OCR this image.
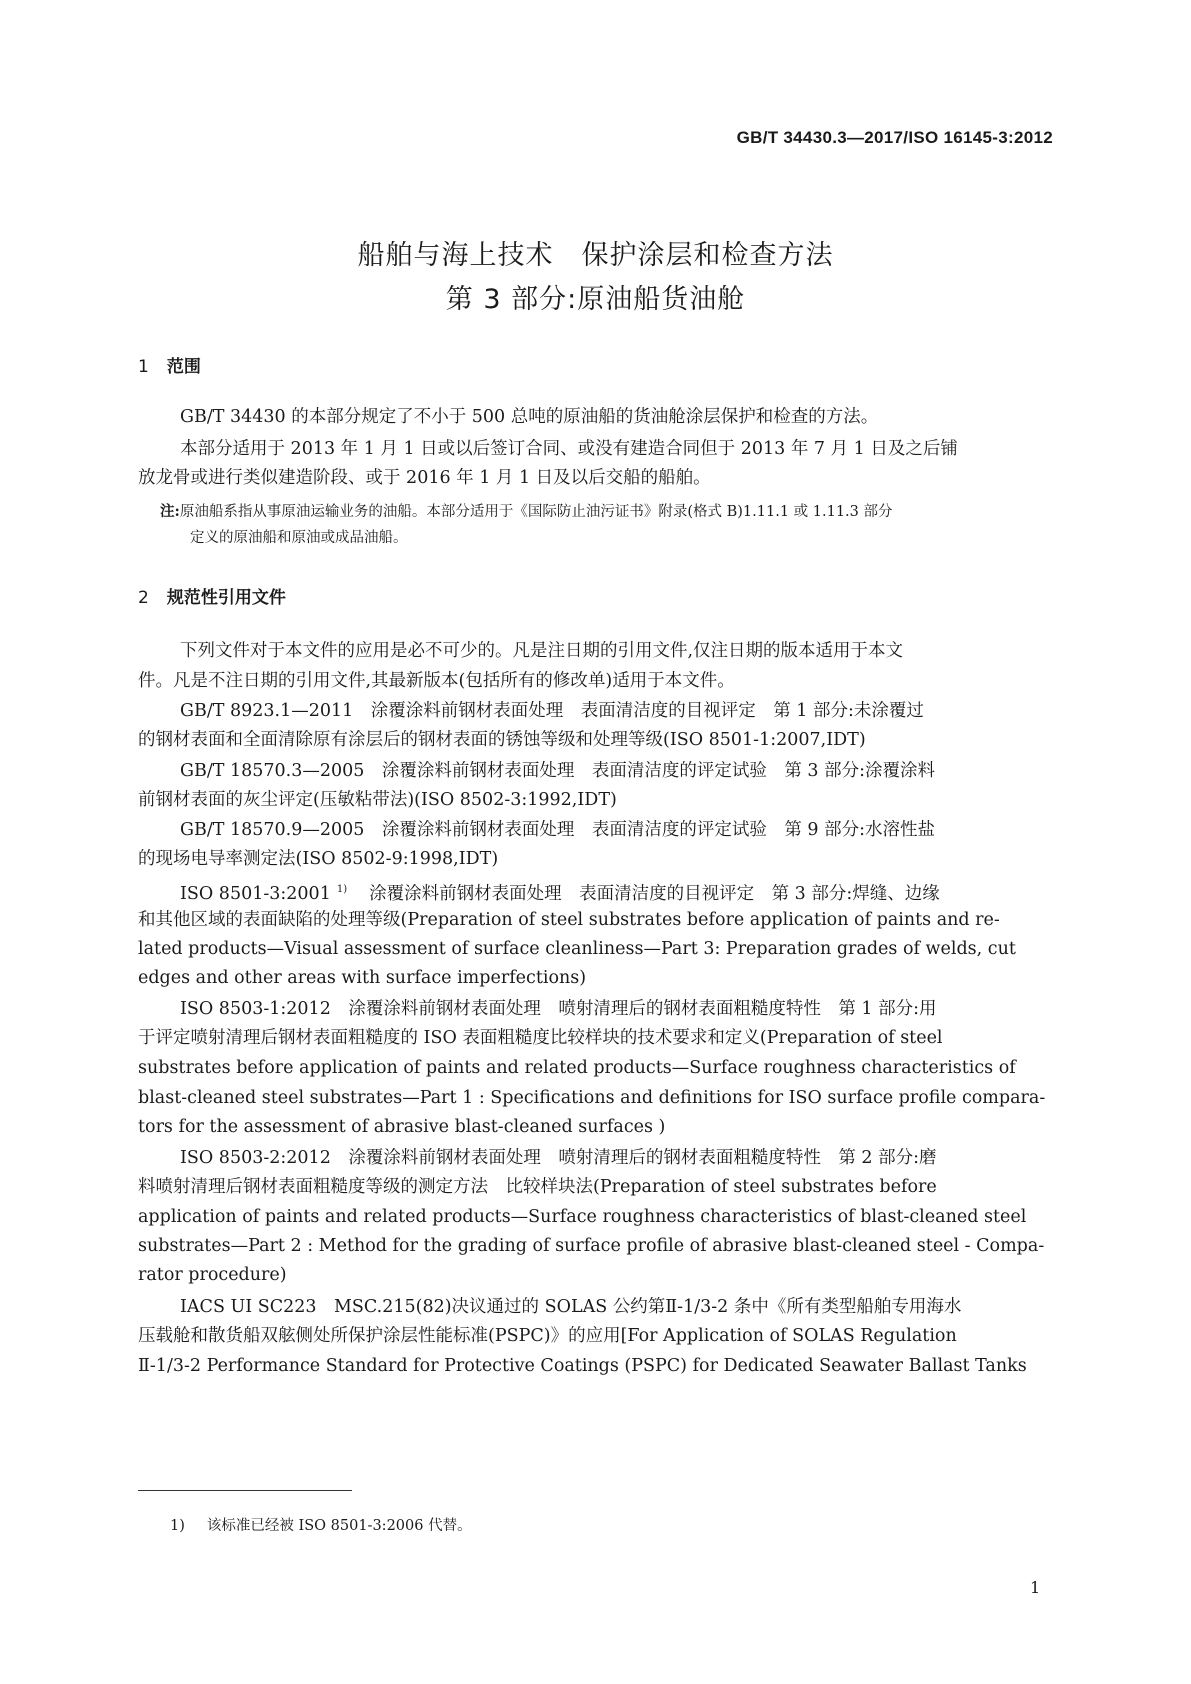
GB/T 34430.3—2017/ISO 16145-3:2012
船舶与海上技术　保护涂层和检查方法
第 3 部分:原油船货油舱
1 范围
GB/T 34430 的本部分规定了不小于 500 总吨的原油船的货油舱涂层保护和检查的方法。
本部分适用于 2013 年 1 月 1 日或以后签订合同、或没有建造合同但于 2013 年 7 月 1 日及之后铺
放龙骨或进行类似建造阶段、或于 2016 年 1 月 1 日及以后交船的船舶。
注:原油船系指从事原油运输业务的油船。本部分适用于《国际防止油污证书》附录(格式 B)1.11.1 或 1.11.3 部分
定义的原油船和原油或成品油船。
2 规范性引用文件
下列文件对于本文件的应用是必不可少的。凡是注日期的引用文件,仅注日期的版本适用于本文
件。凡是不注日期的引用文件,其最新版本(包括所有的修改单)适用于本文件。
GB/T 8923.1—2011　涂覆涂料前钢材表面处理　表面清洁度的目视评定　第 1 部分:未涂覆过
的钢材表面和全面清除原有涂层后的钢材表面的锈蚀等级和处理等级(ISO 8501-1:2007,IDT)
GB/T 18570.3—2005　涂覆涂料前钢材表面处理　表面清洁度的评定试验　第 3 部分:涂覆涂料
前钢材表面的灰尘评定(压敏粘带法)(ISO 8502-3:1992,IDT)
GB/T 18570.9—2005　涂覆涂料前钢材表面处理　表面清洁度的评定试验　第 9 部分:水溶性盐
的现场电导率测定法(ISO 8502-9:1998,IDT)
ISO 8501-3:2001 $^{1)}$ 涂覆涂料前钢材表面处理　表面清洁度的目视评定　第 3 部分:焊缝、边缘
和其他区域的表面缺陷的处理等级(Preparation of steel substrates before application of paints and re-
lated products—Visual assessment of surface cleanliness—Part 3: Preparation grades of welds, cut
edges and other areas with surface imperfections)
ISO 8503-1:2012　涂覆涂料前钢材表面处理　喷射清理后的钢材表面粗糙度特性　第 1 部分:用
于评定喷射清理后钢材表面粗糙度的 ISO 表面粗糙度比较样块的技术要求和定义(Preparation of steel
substrates before application of paints and related products—Surface roughness characteristics of
blast-cleaned steel substrates—Part 1 : Specifications and definitions for ISO surface profile compara-
tors for the assessment of abrasive blast-cleaned surfaces )
ISO 8503-2:2012　涂覆涂料前钢材表面处理　喷射清理后的钢材表面粗糙度特性　第 2 部分:磨
料喷射清理后钢材表面粗糙度等级的测定方法　比较样块法(Preparation of steel substrates before
application of paints and related products—Surface roughness characteristics of blast-cleaned steel
substrates—Part 2 : Method for the grading of surface profile of abrasive blast-cleaned steel - Compa-
rator procedure)
IACS UI SC223　MSC.215(82)决议通过的 SOLAS 公约第Ⅱ-1/3-2 条中《所有类型船舶专用海水
压载舱和散货船双舷侧处所保护涂层性能标准(PSPC)》的应用[For Application of SOLAS Regulation
Ⅱ-1/3-2 Performance Standard for Protective Coatings (PSPC) for Dedicated Seawater Ballast Tanks
1) 该标准已经被 ISO 8501-3:2006 代替。
1
